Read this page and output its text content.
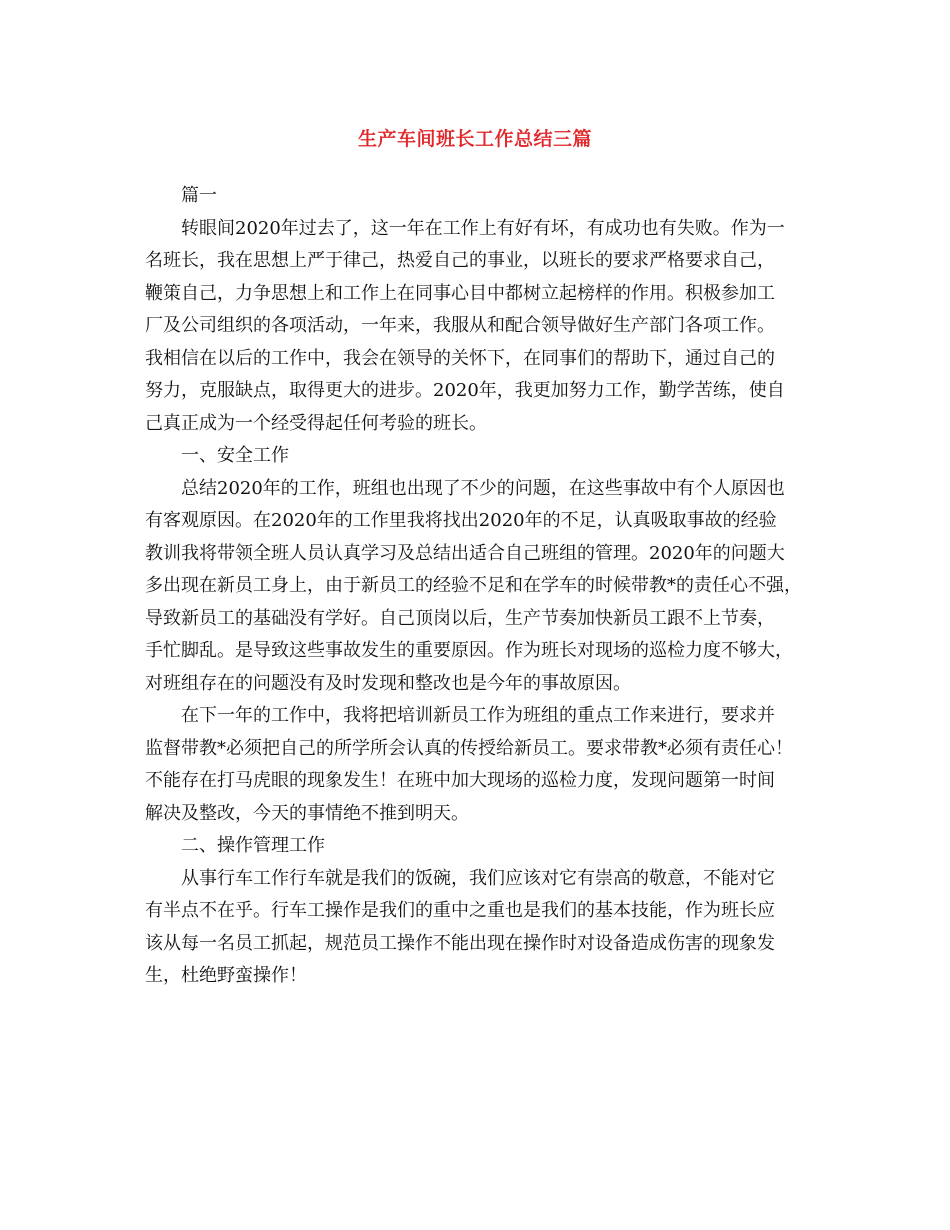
生产车间班长工作总结三篇
篇一
转眼间2020年过去了，这一年在工作上有好有坏，有成功也有失败。作为一
名班长，我在思想上严于律己，热爱自己的事业，以班长的要求严格要求自己，
鞭策自己，力争思想上和工作上在同事心目中都树立起榜样的作用。积极参加工
厂及公司组织的各项活动，一年来，我服从和配合领导做好生产部门各项工作。
我相信在以后的工作中，我会在领导的关怀下，在同事们的帮助下，通过自己的
努力，克服缺点，取得更大的进步。2020年，我更加努力工作，勤学苦练，使自
己真正成为一个经受得起任何考验的班长。
一、安全工作
总结2020年的工作，班组也出现了不少的问题，在这些事故中有个人原因也
有客观原因。在2020年的工作里我将找出2020年的不足，认真吸取事故的经验
教训我将带领全班人员认真学习及总结出适合自己班组的管理。2020年的问题大
多出现在新员工身上，由于新员工的经验不足和在学车的时候带教*的责任心不强，
导致新员工的基础没有学好。自己顶岗以后，生产节奏加快新员工跟不上节奏，
手忙脚乱。是导致这些事故发生的重要原因。作为班长对现场的巡检力度不够大，
对班组存在的问题没有及时发现和整改也是今年的事故原因。
在下一年的工作中，我将把培训新员工作为班组的重点工作来进行，要求并
监督带教*必须把自己的所学所会认真的传授给新员工。要求带教*必须有责任心！
不能存在打马虎眼的现象发生！在班中加大现场的巡检力度，发现问题第一时间
解决及整改，今天的事情绝不推到明天。
二、操作管理工作
从事行车工作行车就是我们的饭碗，我们应该对它有崇高的敬意，不能对它
有半点不在乎。行车工操作是我们的重中之重也是我们的基本技能，作为班长应
该从每一名员工抓起，规范员工操作不能出现在操作时对设备造成伤害的现象发
生，杜绝野蛮操作！
